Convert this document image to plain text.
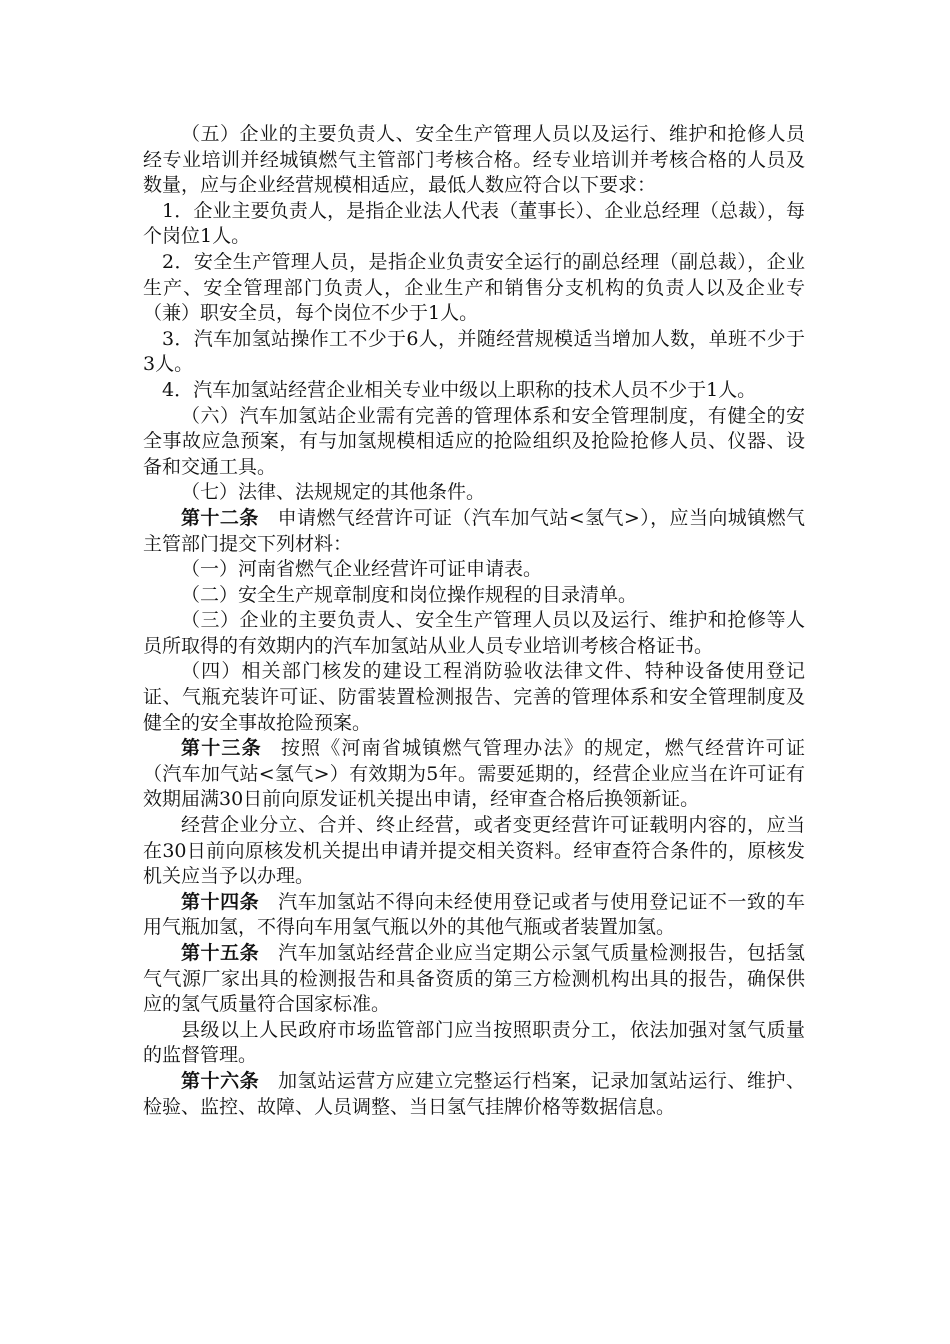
（五）企业的主要负责人、安全生产管理人员以及运行、维护和抢修人员经专业培训并经城镇燃气主管部门考核合格。经专业培训并考核合格的人员及数量，应与企业经营规模相适应，最低人数应符合以下要求：

1．企业主要负责人，是指企业法人代表（董事长）、企业总经理（总裁），每个岗位1人。

2．安全生产管理人员，是指企业负责安全运行的副总经理（副总裁），企业生产、安全管理部门负责人，企业生产和销售分支机构的负责人以及企业专（兼）职安全员，每个岗位不少于1人。

3．汽车加氢站操作工不少于6人，并随经营规模适当增加人数，单班不少于3人。

4．汽车加氢站经营企业相关专业中级以上职称的技术人员不少于1人。

（六）汽车加氢站企业需有完善的管理体系和安全管理制度，有健全的安全事故应急预案，有与加氢规模相适应的抢险组织及抢险抢修人员、仪器、设备和交通工具。

（七）法律、法规规定的其他条件。

第十二条 申请燃气经营许可证（汽车加气站<氢气>），应当向城镇燃气主管部门提交下列材料：

（一）河南省燃气企业经营许可证申请表。

（二）安全生产规章制度和岗位操作规程的目录清单。

（三）企业的主要负责人、安全生产管理人员以及运行、维护和抢修等人员所取得的有效期内的汽车加氢站从业人员专业培训考核合格证书。

（四）相关部门核发的建设工程消防验收法律文件、特种设备使用登记证、气瓶充装许可证、防雷装置检测报告、完善的管理体系和安全管理制度及健全的安全事故抢险预案。

第十三条 按照《河南省城镇燃气管理办法》的规定，燃气经营许可证（汽车加气站<氢气>）有效期为5年。需要延期的，经营企业应当在许可证有效期届满30日前向原发证机关提出申请，经审查合格后换领新证。

经营企业分立、合并、终止经营，或者变更经营许可证载明内容的，应当在30日前向原核发机关提出申请并提交相关资料。经审查符合条件的，原核发机关应当予以办理。

第十四条 汽车加氢站不得向未经使用登记或者与使用登记证不一致的车用气瓶加氢，不得向车用氢气瓶以外的其他气瓶或者装置加氢。

第十五条 汽车加氢站经营企业应当定期公示氢气质量检测报告，包括氢气气源厂家出具的检测报告和具备资质的第三方检测机构出具的报告，确保供应的氢气质量符合国家标准。

县级以上人民政府市场监管部门应当按照职责分工，依法加强对氢气质量的监督管理。

第十六条 加氢站运营方应建立完整运行档案，记录加氢站运行、维护、检验、监控、故障、人员调整、当日氢气挂牌价格等数据信息。
